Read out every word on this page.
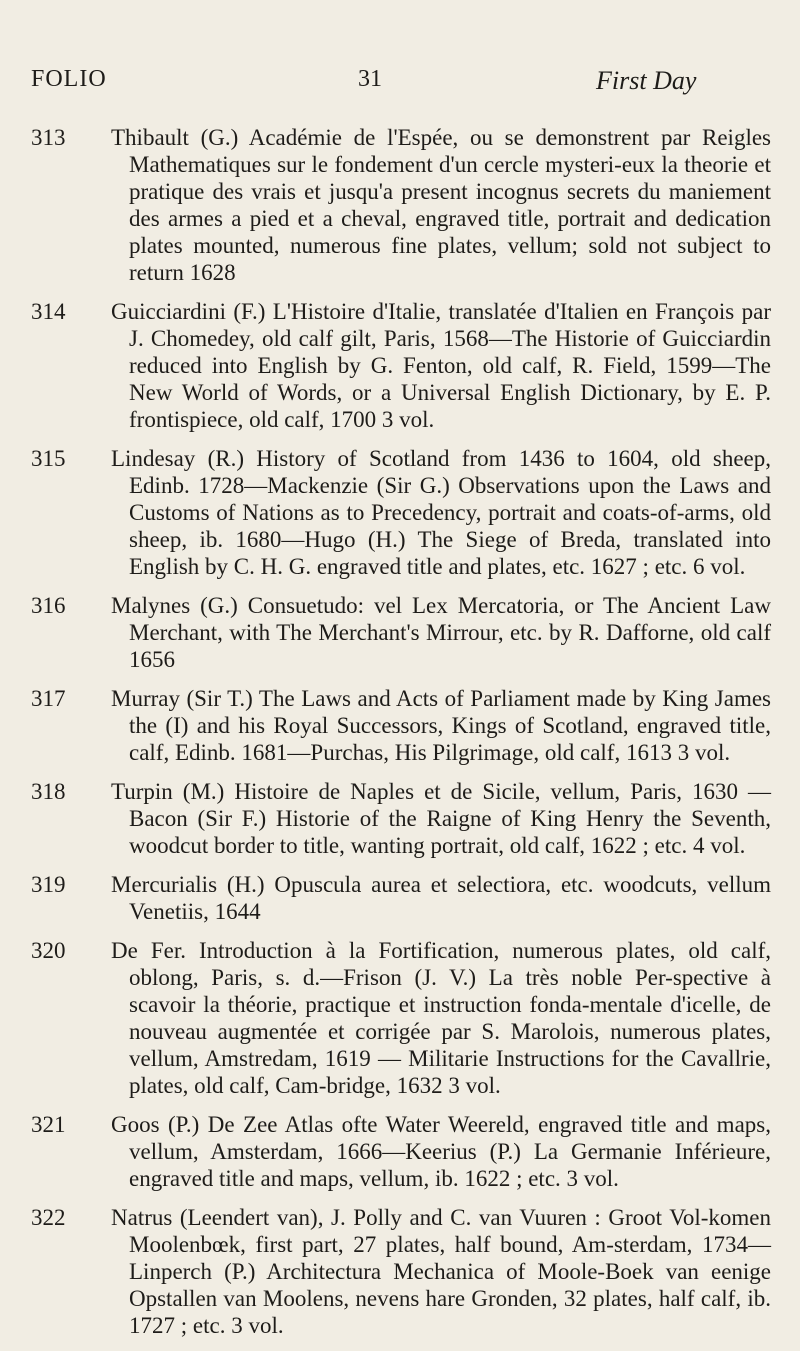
FOLIO	31	First Day
313 Thibault (G.) Académie de l'Espée, ou se demonstrent par Reigles Mathematiques sur le fondement d'un cercle mysteri-eux la theorie et pratique des vrais et jusqu'a present incognus secrets du maniement des armes a pied et a cheval, engraved title, portrait and dedication plates mounted, numerous fine plates, vellum; sold not subject to return 1628
314 Guicciardini (F.) L'Histoire d'Italie, translatée d'Italien en François par J. Chomedey, old calf gilt, Paris, 1568—The Historie of Guicciardin reduced into English by G. Fenton, old calf, R. Field, 1599—The New World of Words, or a Universal English Dictionary, by E. P. frontispiece, old calf, 1700 3 vol.
315 Lindesay (R.) History of Scotland from 1436 to 1604, old sheep, Edinb. 1728—Mackenzie (Sir G.) Observations upon the Laws and Customs of Nations as to Precedency, portrait and coats-of-arms, old sheep, ib. 1680—Hugo (H.) The Siege of Breda, translated into English by C. H. G. engraved title and plates, etc. 1627 ; etc. 6 vol.
316 Malynes (G.) Consuetudo: vel Lex Mercatoria, or The Ancient Law Merchant, with The Merchant's Mirrour, etc. by R. Dafforne, old calf 1656
317 Murray (Sir T.) The Laws and Acts of Parliament made by King James the (I) and his Royal Successors, Kings of Scotland, engraved title, calf, Edinb. 1681—Purchas, His Pilgrimage, old calf, 1613 3 vol.
318 Turpin (M.) Histoire de Naples et de Sicile, vellum, Paris, 1630 —Bacon (Sir F.) Historie of the Raigne of King Henry the Seventh, woodcut border to title, wanting portrait, old calf, 1622 ; etc. 4 vol.
319 Mercurialis (H.) Opuscula aurea et selectiora, etc. woodcuts, vellum Venetiis, 1644
320 De Fer. Introduction à la Fortification, numerous plates, old calf, oblong, Paris, s. d.—Frison (J. V.) La très noble Per-spective à scavoir la théorie, practique et instruction fonda-mentale d'icelle, de nouveau augmentée et corrigée par S. Marolois, numerous plates, vellum, Amstredam, 1619 — Militarie Instructions for the Cavallrie, plates, old calf, Cam-bridge, 1632 3 vol.
321 Goos (P.) De Zee Atlas ofte Water Weereld, engraved title and maps, vellum, Amsterdam, 1666—Keerius (P.) La Germanie Inférieure, engraved title and maps, vellum, ib. 1622 ; etc. 3 vol.
322 Natrus (Leendert van), J. Polly and C. van Vuuren : Groot Vol-komen Moolenbœk, first part, 27 plates, half bound, Am-sterdam, 1734—Linperch (P.) Architectura Mechanica of Moole-Boek van eenige Opstallen van Moolens, nevens hare Gronden, 32 plates, half calf, ib. 1727 ; etc. 3 vol.
